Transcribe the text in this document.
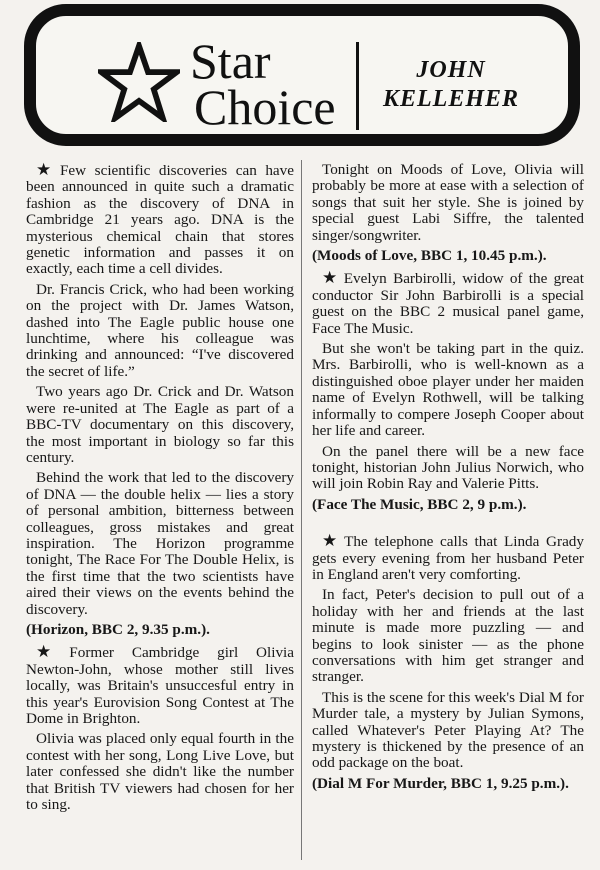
Star
Choice
JOHN
KELLEHER

★ Few scientific discoveries can have been announced in quite such a dramatic fashion as the discovery of DNA in Cambridge 21 years ago. DNA is the mysterious chemical chain that stores genetic information and passes it on exactly, each time a cell divides.

Dr. Francis Crick, who had been working on the project with Dr. James Watson, dashed into The Eagle public house one lunchtime, where his colleague was drinking and announced: “I've discovered the secret of life.”

Two years ago Dr. Crick and Dr. Watson were re-united at The Eagle as part of a BBC-TV documentary on this discovery, the most important in biology so far this century.

Behind the work that led to the discovery of DNA — the double helix — lies a story of personal ambition, bitterness between colleagues, gross mistakes and great inspiration. The Horizon programme tonight, The Race For The Double Helix, is the first time that the two scientists have aired their views on the events behind the discovery.

(Horizon, BBC 2, 9.35 p.m.).

★ Former Cambridge girl Olivia Newton-John, whose mother still lives locally, was Britain's unsuccesful entry in this year's Eurovision Song Contest at The Dome in Brighton.

Olivia was placed only equal fourth in the contest with her song, Long Live Love, but later confessed she didn't like the number that British TV viewers had chosen for her to sing.

Tonight on Moods of Love, Olivia will probably be more at ease with a selection of songs that suit her style. She is joined by special guest Labi Siffre, the talented singer/songwriter.

(Moods of Love, BBC 1, 10.45 p.m.).

★ Evelyn Barbirolli, widow of the great conductor Sir John Barbirolli is a special guest on the BBC 2 musical panel game, Face The Music.

But she won't be taking part in the quiz. Mrs. Barbirolli, who is well-known as a distinguished oboe player under her maiden name of Evelyn Rothwell, will be talking informally to compere Joseph Cooper about her life and career.

On the panel there will be a new face tonight, historian John Julius Norwich, who will join Robin Ray and Valerie Pitts.

(Face The Music, BBC 2, 9 p.m.).

★ The telephone calls that Linda Grady gets every evening from her husband Peter in England aren't very comforting.

In fact, Peter's decision to pull out of a holiday with her and friends at the last minute is made more puzzling — and begins to look sinister — as the phone conversations with him get stranger and stranger.

This is the scene for this week's Dial M for Murder tale, a mystery by Julian Symons, called Whatever's Peter Playing At? The mystery is thickened by the presence of an odd package on the boat.

(Dial M For Murder, BBC 1, 9.25 p.m.).
